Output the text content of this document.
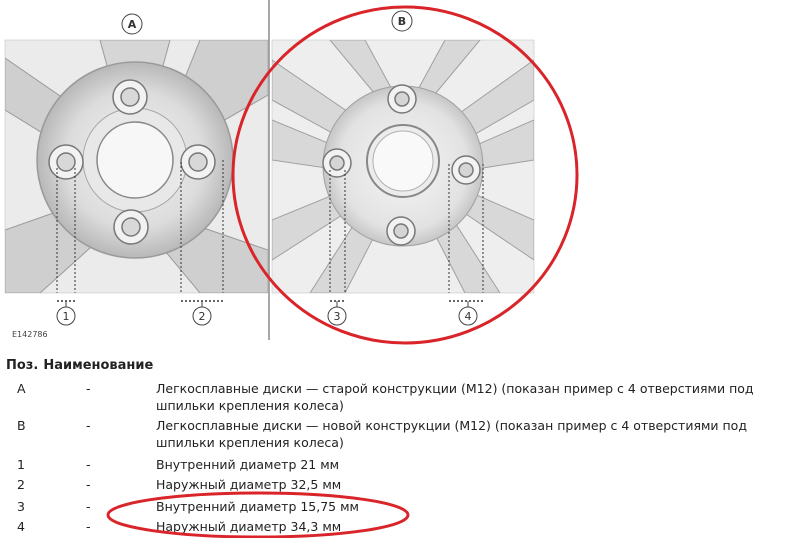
A	B
1	2	3	4
E142786
Поз. Наименование
A	-	Легкосплавные диски — старой конструкции (M12) (показан пример с 4 отверстиями под шпильки крепления колеса)
B	-	Легкосплавные диски — новой конструкции (M12) (показан пример с 4 отверстиями под шпильки крепления колеса)
1	-	Внутренний диаметр 21 мм
2	-	Наружный диаметр 32,5 мм
3	-	Внутренний диаметр 15,75 мм
4	-	Наружный диаметр 34,3 мм
